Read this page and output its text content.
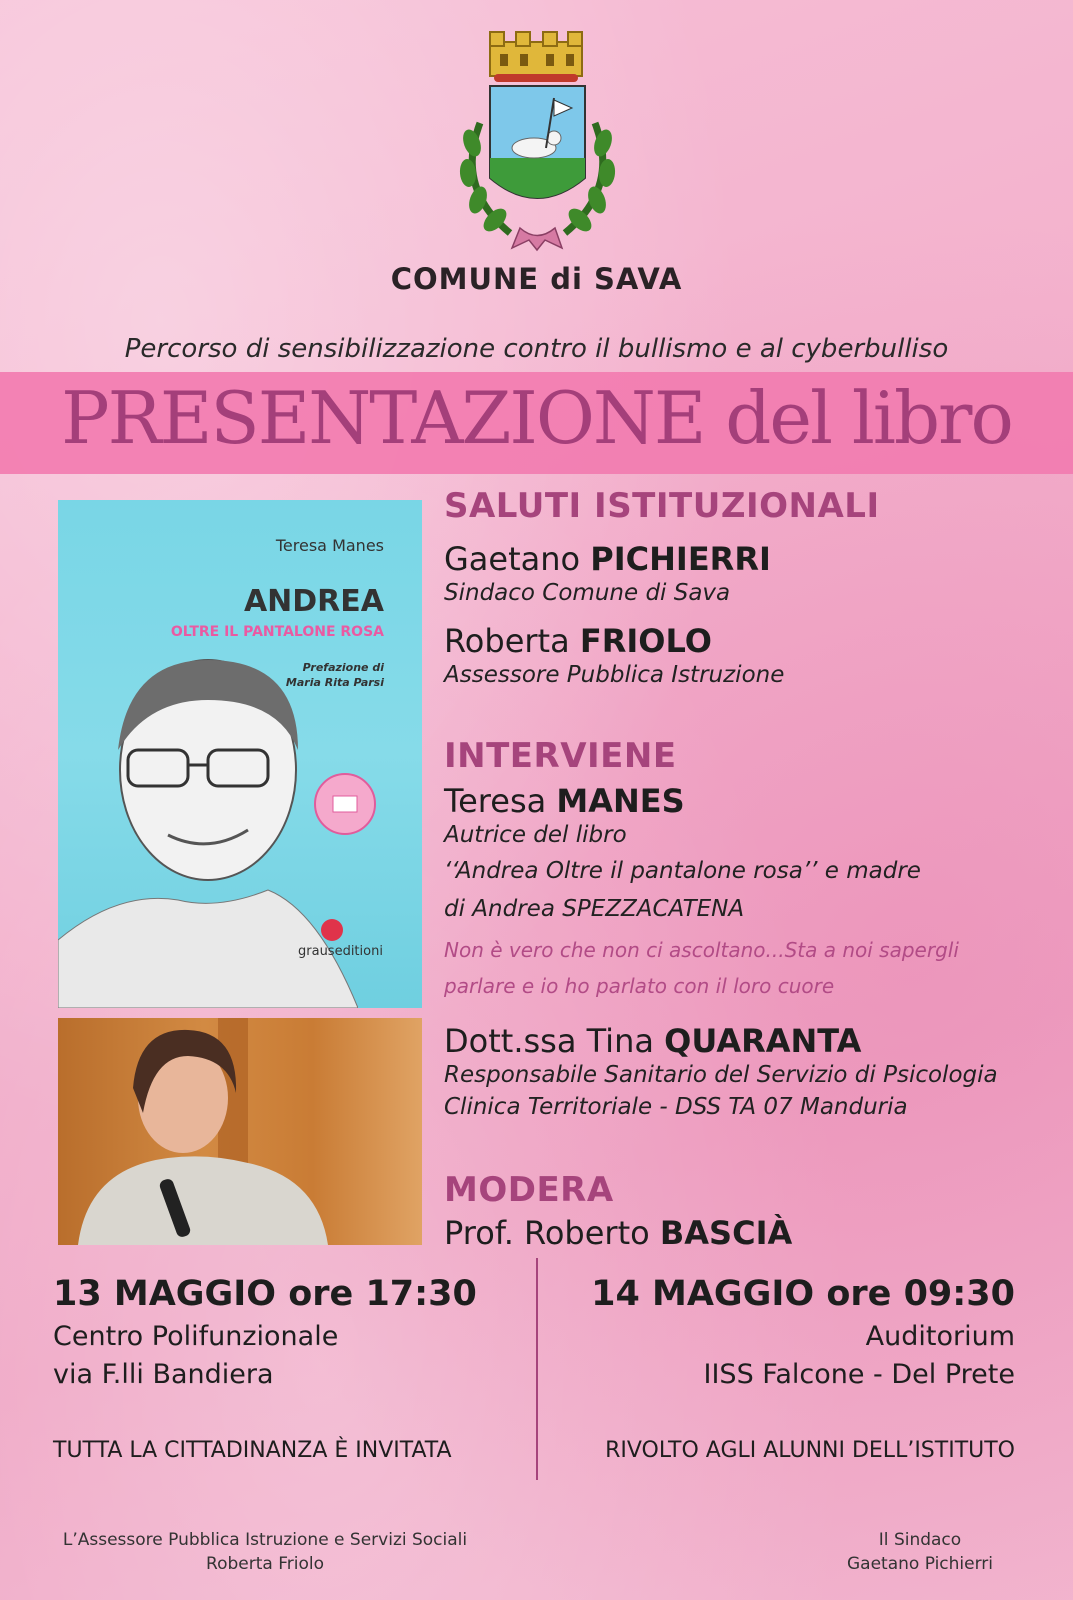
COMUNE di SAVA
Percorso di sensibilizzazione contro il bullismo e al cyberbulliso
PRESENTAZIONE del libro
Teresa Manes
ANDREA
OLTRE IL PANTALONE ROSA
Prefazione di
Maria Rita Parsi
grauseditioni
SALUTI ISTITUZIONALI
Gaetano PICHIERRI
Sindaco Comune di Sava
Roberta FRIOLO
Assessore Pubblica Istruzione
INTERVIENE
Teresa MANES
Autrice del libro
‘‘Andrea Oltre il pantalone rosa’’ e madre
di Andrea SPEZZACATENA
Non è vero che non ci ascoltano...Sta a noi sapergli
parlare e io ho parlato con il loro cuore
Dott.ssa Tina QUARANTA
Responsabile Sanitario del Servizio di Psicologia
Clinica Territoriale - DSS TA 07 Manduria
MODERA
Prof. Roberto BASCIÀ
13 MAGGIO ore 17:30
Centro Polifunzionale
via F.lli Bandiera
TUTTA LA CITTADINANZA È INVITATA
14 MAGGIO ore 09:30
Auditorium
IISS Falcone - Del Prete
RIVOLTO AGLI ALUNNI DELL’ISTITUTO
L’Assessore Pubblica Istruzione e Servizi Sociali
Roberta Friolo
Il Sindaco
Gaetano Pichierri
